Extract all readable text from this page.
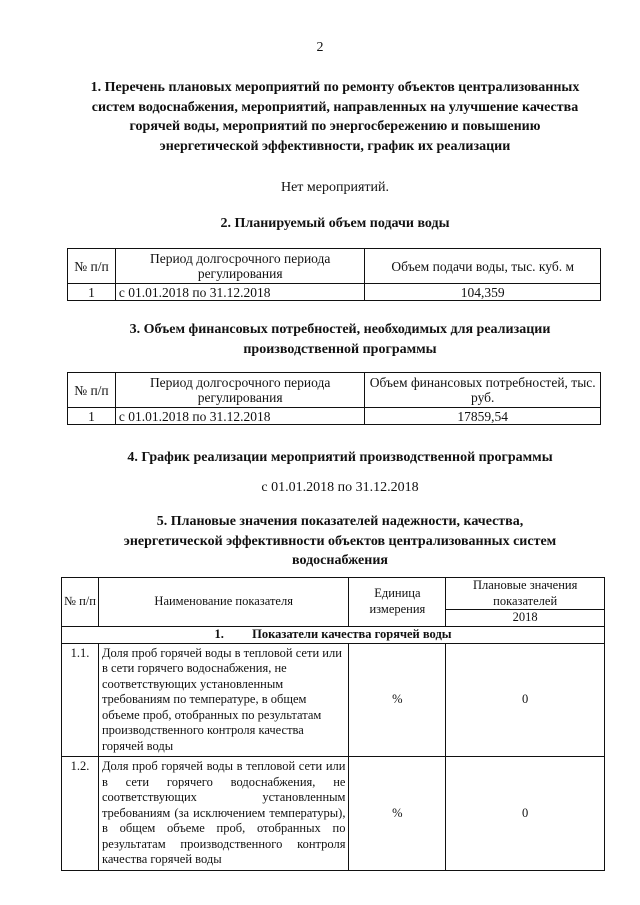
2
1. Перечень плановых мероприятий по ремонту объектов централизованных систем водоснабжения, мероприятий, направленных на улучшение качества горячей воды, мероприятий по энергосбережению и повышению энергетической эффективности, график их реализации
Нет мероприятий.
2. Планируемый объем подачи воды
№ п/п	Период долгосрочного периода регулирования	Объем подачи воды, тыс. куб. м
1	с 01.01.2018 по 31.12.2018	104,359
3. Объем финансовых потребностей, необходимых для реализации производственной программы
№ п/п	Период долгосрочного периода регулирования	Объем финансовых потребностей, тыс. руб.
1	с 01.01.2018 по 31.12.2018	17859,54
4. График реализации мероприятий производственной программы
с 01.01.2018 по 31.12.2018
5. Плановые значения показателей надежности, качества, энергетической эффективности объектов централизованных систем водоснабжения
№ п/п	Наименование показателя	Единица измерения	Плановые значения показателей
			2018
1. Показатели качества горячей воды			
1.1.	Доля проб горячей воды в тепловой сети или в сети горячего водоснабжения, не соответствующих установленным требованиям по температуре, в общем объеме проб, отобранных по результатам производственного контроля качества горячей воды	%	0
1.2.	Доля проб горячей воды в тепловой сети или в сети горячего водоснабжения, не соответствующих установленным требованиям (за исключением температуры), в общем объеме проб, отобранных по результатам производственного контроля качества горячей воды	%	0
